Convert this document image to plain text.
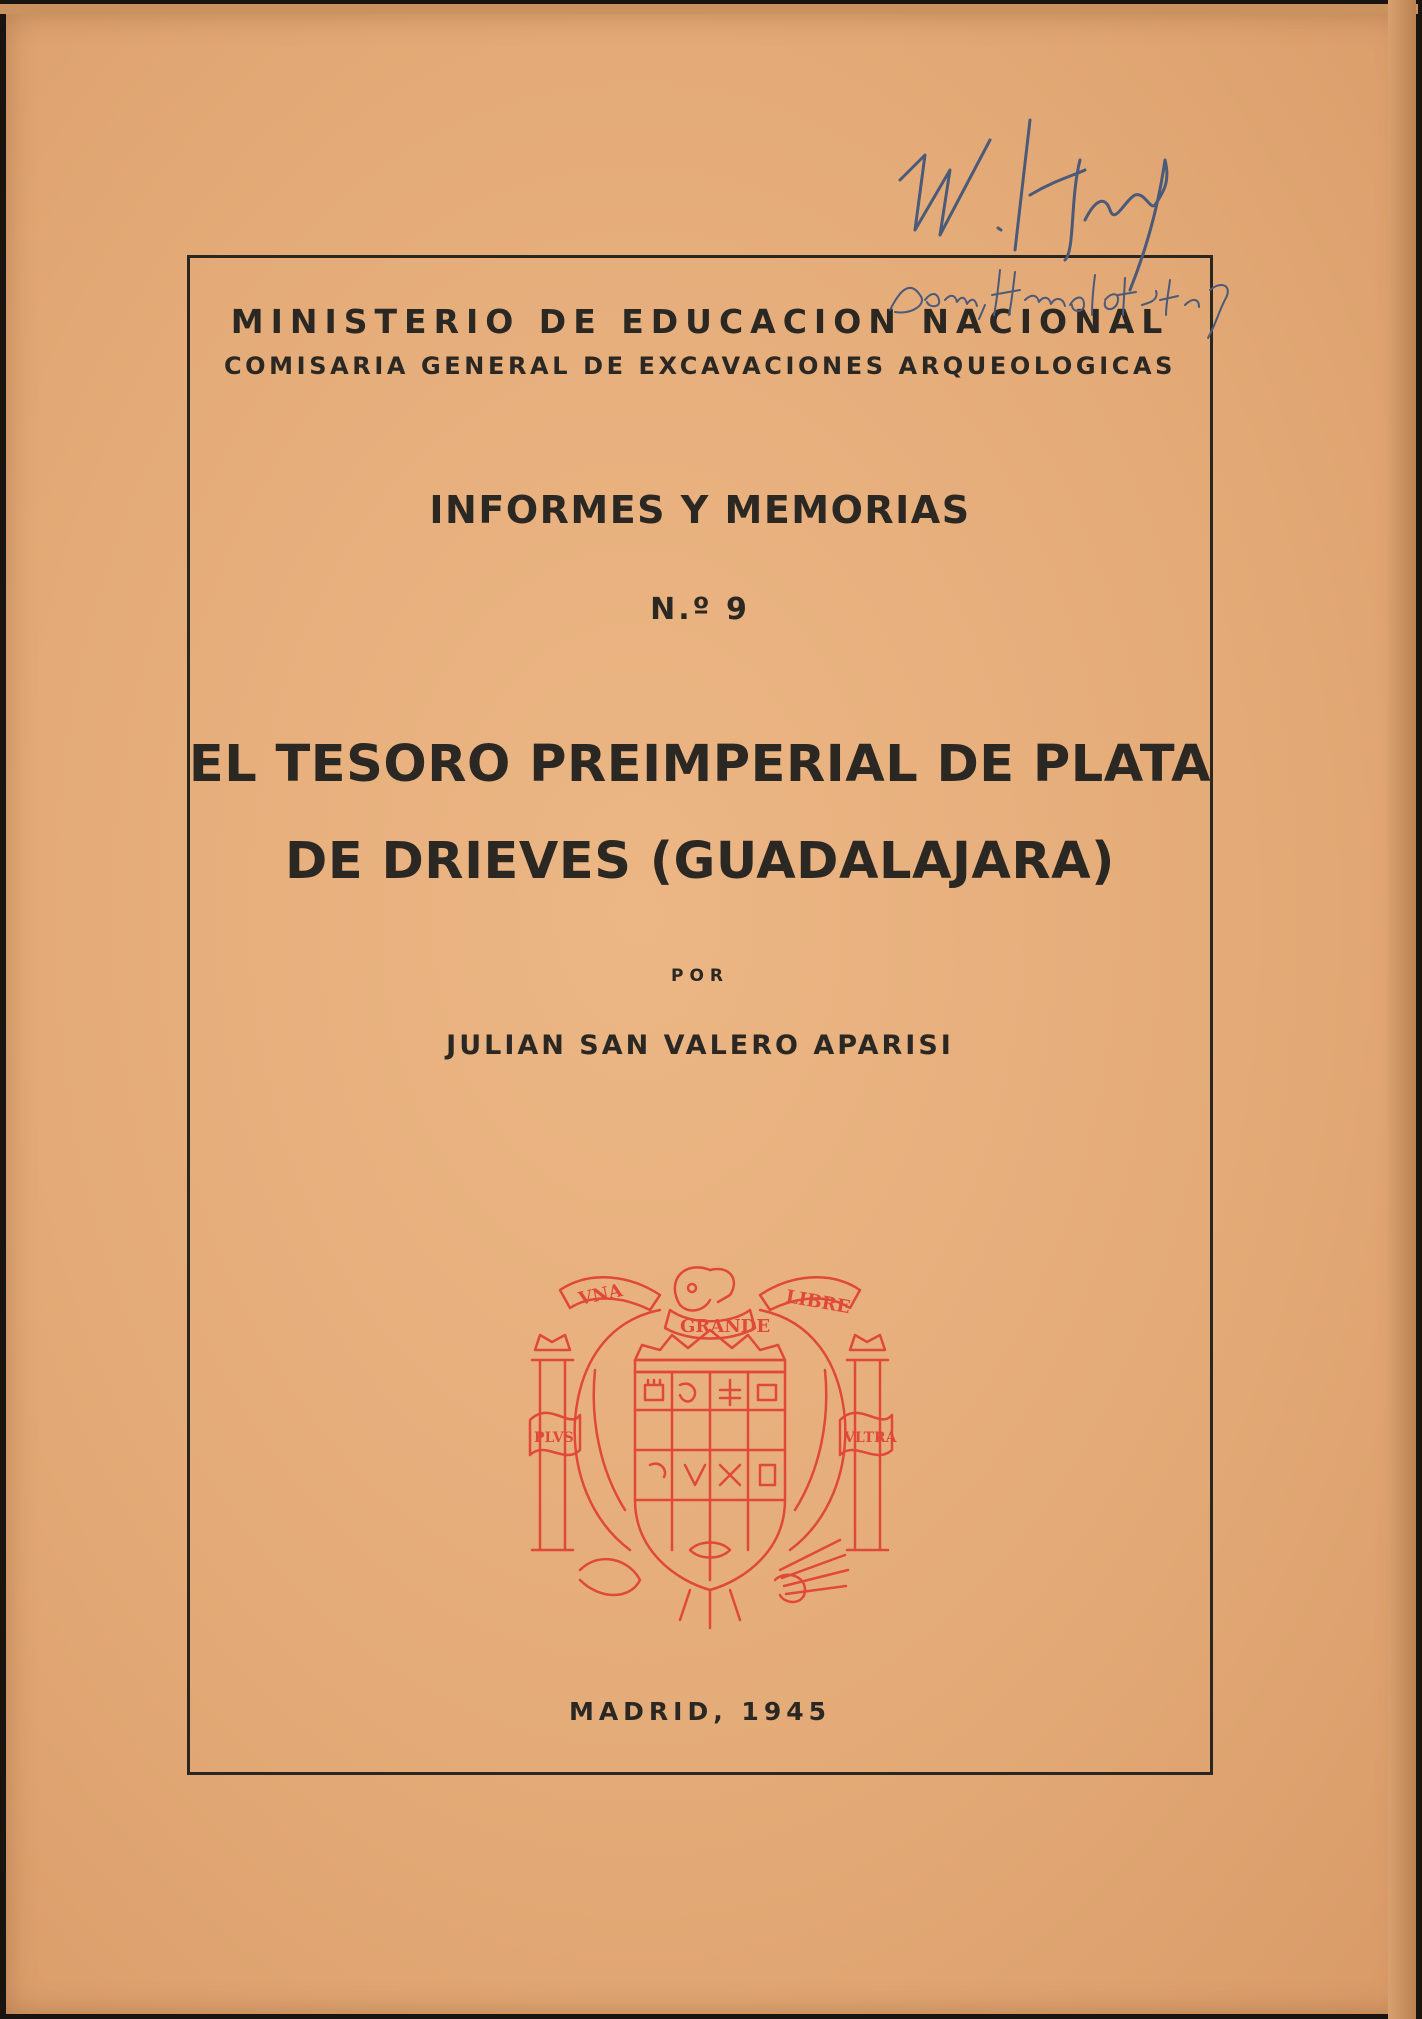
MINISTERIO DE EDUCACION NACIONAL
COMISARIA GENERAL DE EXCAVACIONES ARQUEOLOGICAS
INFORMES Y MEMORIAS
N.º 9
EL TESORO PREIMPERIAL DE PLATA
DE DRIEVES (GUADALAJARA)
POR
JULIAN SAN VALERO APARISI
MADRID, 1945
VNA
GRANDE
LIBRE
PLVS	VLTRA
